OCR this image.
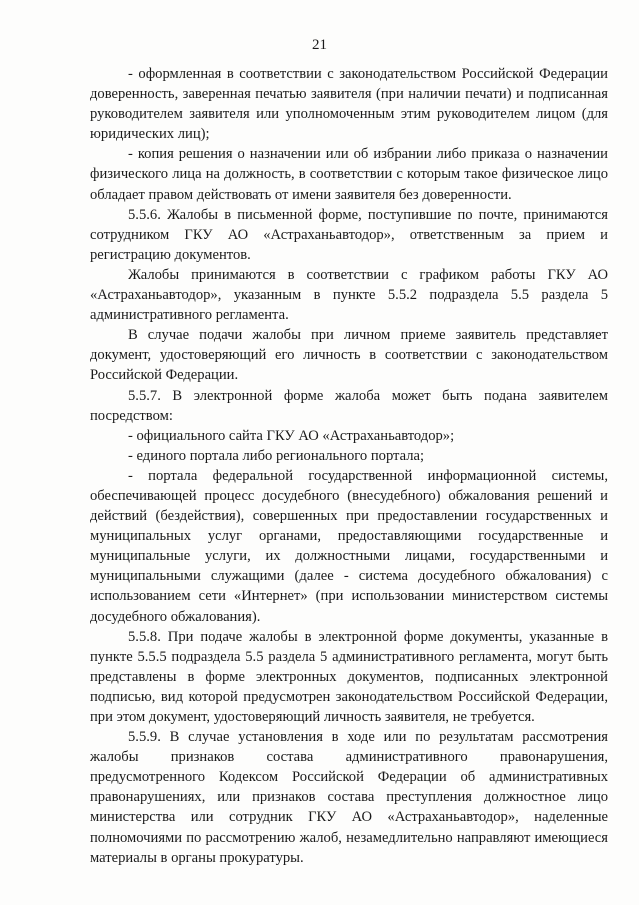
21

- оформленная в соответствии с законодательством Российской Федерации доверенность, заверенная печатью заявителя (при наличии печати) и подписанная руководителем заявителя или уполномоченным этим руководителем лицом (для юридических лиц);

- копия решения о назначении или об избрании либо приказа о назначении физического лица на должность, в соответствии с которым такое физическое лицо обладает правом действовать от имени заявителя без доверенности.

5.5.6. Жалобы в письменной форме, поступившие по почте, принимаются сотрудником ГКУ АО «Астраханьавтодор», ответственным за прием и регистрацию документов.

Жалобы принимаются в соответствии с графиком работы ГКУ АО «Астраханьавтодор», указанным в пункте 5.5.2 подраздела 5.5 раздела 5 административного регламента.

В случае подачи жалобы при личном приеме заявитель представляет документ, удостоверяющий его личность в соответствии с законодательством Российской Федерации.

5.5.7. В электронной форме жалоба может быть подана заявителем посредством:

- официального сайта ГКУ АО «Астраханьавтодор»;

- единого портала либо регионального портала;

- портала федеральной государственной информационной системы, обеспечивающей процесс досудебного (внесудебного) обжалования решений и действий (бездействия), совершенных при предоставлении государственных и муниципальных услуг органами, предоставляющими государственные и муниципальные услуги, их должностными лицами, государственными и муниципальными служащими (далее - система досудебного обжалования) с использованием сети «Интернет» (при использовании министерством системы досудебного обжалования).

5.5.8. При подаче жалобы в электронной форме документы, указанные в пункте 5.5.5 подраздела 5.5 раздела 5 административного регламента, могут быть представлены в форме электронных документов, подписанных электронной подписью, вид которой предусмотрен законодательством Российской Федерации, при этом документ, удостоверяющий личность заявителя, не требуется.

5.5.9. В случае установления в ходе или по результатам рассмотрения жалобы признаков состава административного правонарушения, предусмотренного Кодексом Российской Федерации об административных правонарушениях, или признаков состава преступления должностное лицо министерства или сотрудник ГКУ АО «Астраханьавтодор», наделенные полномочиями по рассмотрению жалоб, незамедлительно направляют имеющиеся материалы в органы прокуратуры.
